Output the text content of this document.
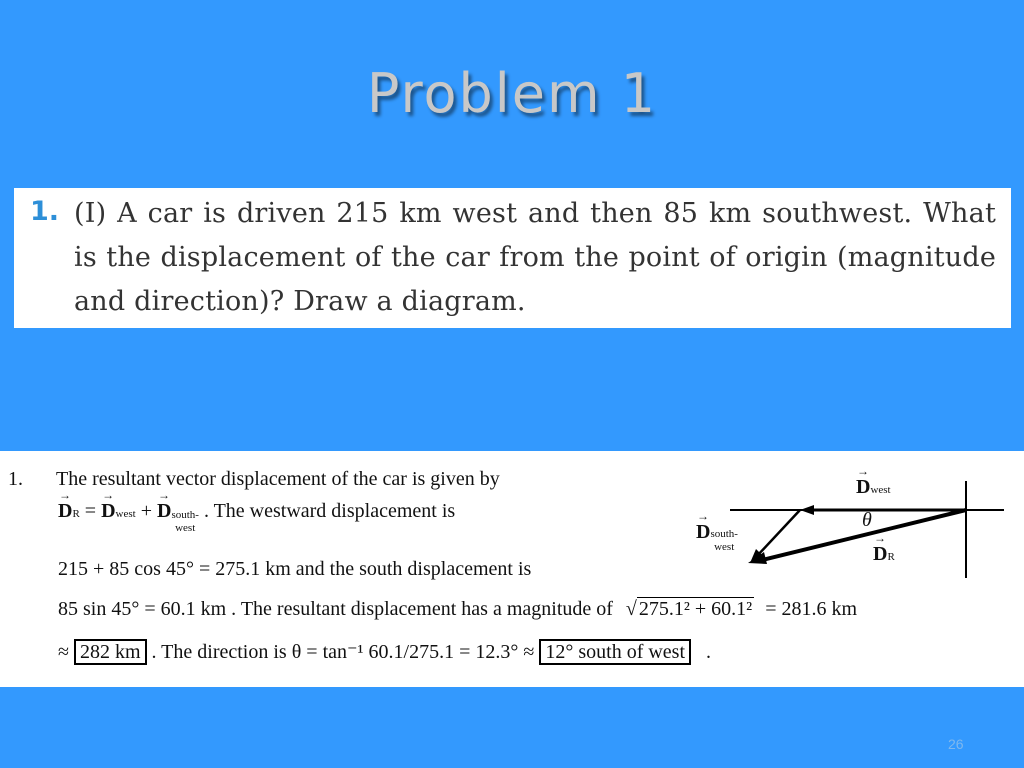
Problem 1
1. (I) A car is driven 215 km west and then 85 km southwest. What is the displacement of the car from the point of origin (magnitude and direction)? Draw a diagram.
1. The resultant vector displacement of the car is given by
→ DR = → Dwest + → Dsouth-
west . The westward displacement is
215 + 85 cos 45° = 275.1 km and the south displacement is
85 sin 45° = 60.1 km . The resultant displacement has a magnitude of √ 275.1² + 60.1² = 281.6 km
≈ 282 km . The direction is θ = tan⁻¹ 60.1/275.1 = 12.3° ≈ 12° south of west .
→ Dwest
θ
→ Dsouth-
west	→ DR
26
